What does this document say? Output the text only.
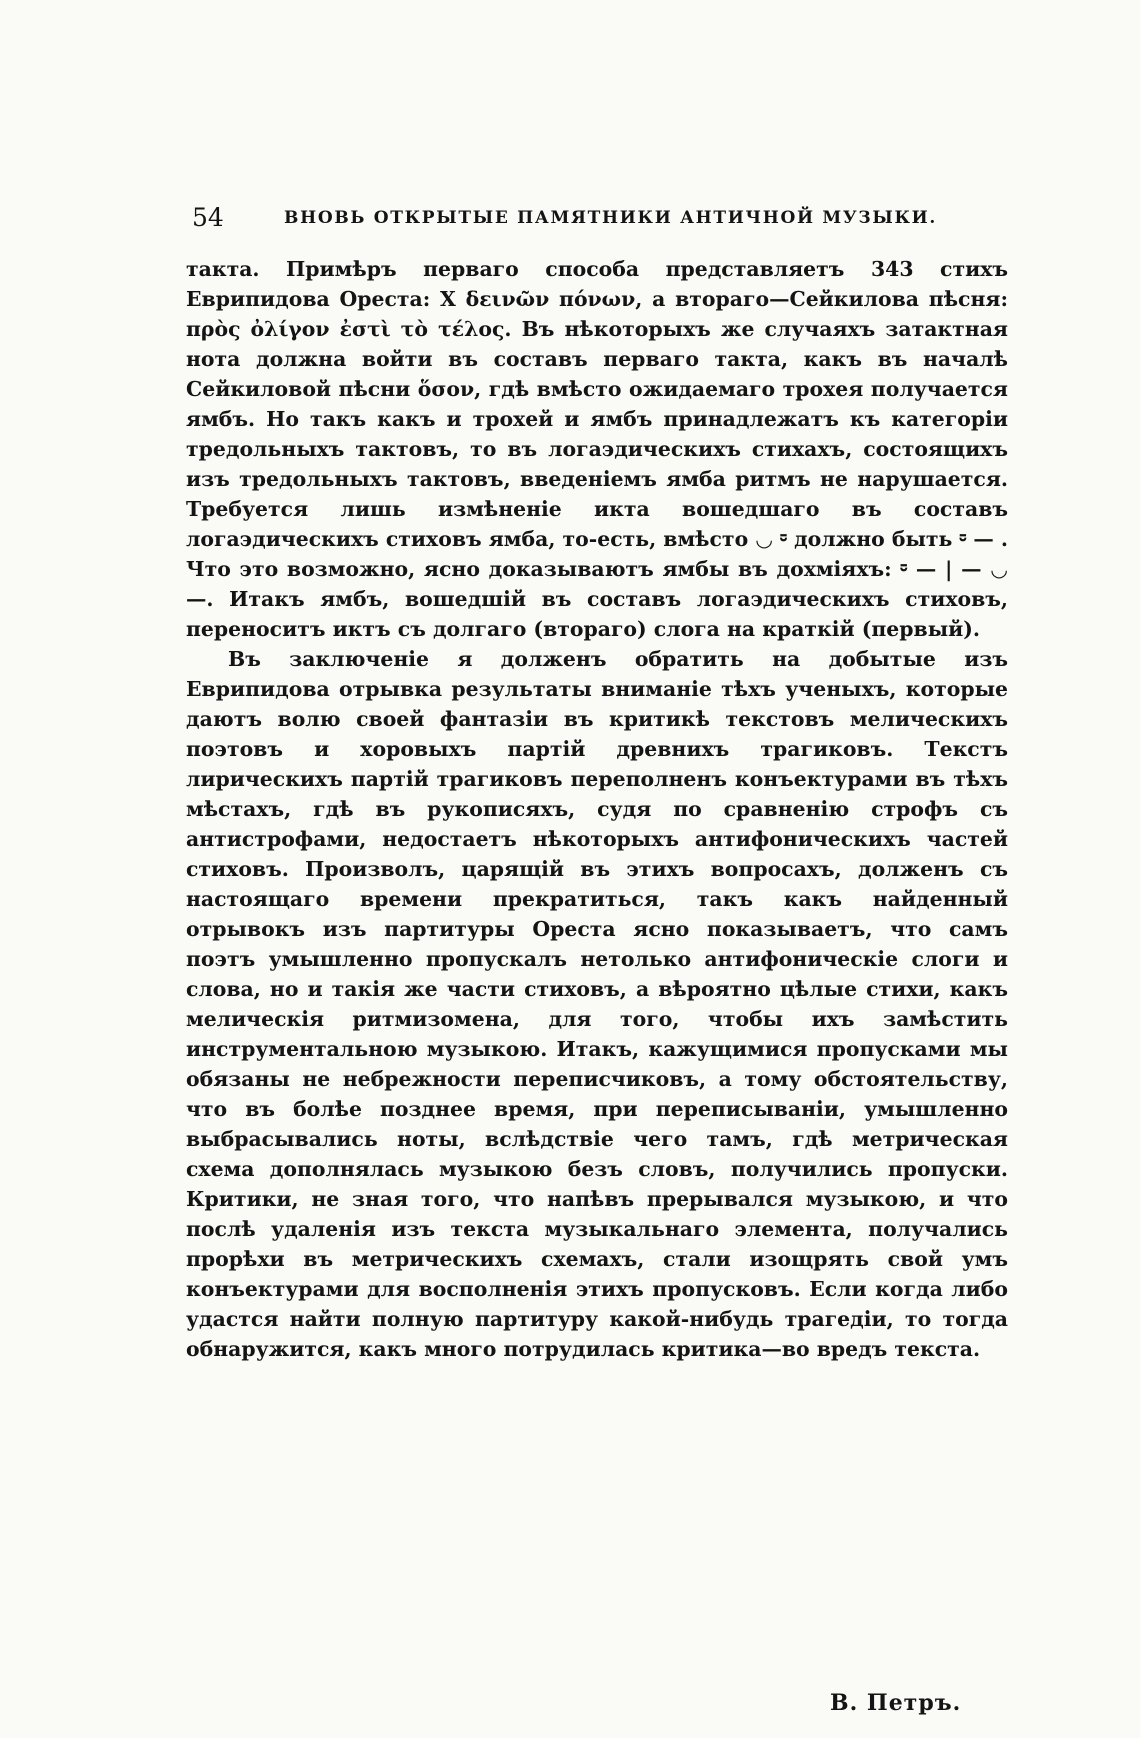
54	ВНОВЬ ОТКРЫТЫЕ ПАМЯТНИКИ АНТИЧНОЙ МУЗЫКИ.

такта. Примѣръ перваго способа представляетъ 343 стихъ Еврипидова Ореста: Χ δεινῶν πόνων, а втораго—Сейкилова пѣсня: πρὸς ὀλίγον ἐστὶ τὸ τέλος. Въ нѣкоторыхъ же случаяхъ затактная нота должна войти въ составъ перваго такта, какъ въ началѣ Сейкиловой пѣсни ὅσον, гдѣ вмѣсто ожидаемаго трохея получается ямбъ. Но такъ какъ и трохей и ямбъ принадлежатъ къ категоріи тредольныхъ тактовъ, то въ логаэдическихъ стихахъ, состоящихъ изъ тредольныхъ тактовъ, введеніемъ ямба ритмъ не нарушается. Требуется лишь измѣненіе икта вошедшаго въ составъ логаэдическихъ стиховъ ямба, то-есть, вмѣсто ◡ ⏒ должно быть ⏒ — . Что это возможно, ясно доказываютъ ямбы въ дохміяхъ: ⏒ — | — ◡ —. Итакъ ямбъ, вошедшій въ составъ логаэдическихъ стиховъ, переноситъ иктъ съ долгаго (втораго) слога на краткій (первый).

Въ заключеніе я долженъ обратить на добытые изъ Еврипидова отрывка результаты вниманіе тѣхъ ученыхъ, которые даютъ волю своей фантазіи въ критикѣ текстовъ мелическихъ поэтовъ и хоровыхъ партій древнихъ трагиковъ. Текстъ лирическихъ партій трагиковъ переполненъ конъектурами въ тѣхъ мѣстахъ, гдѣ въ рукописяхъ, судя по сравненію строфъ съ антистрофами, недостаетъ нѣкоторыхъ антифоническихъ частей стиховъ. Произволъ, царящій въ этихъ вопросахъ, долженъ съ настоящаго времени прекратиться, такъ какъ найденный отрывокъ изъ партитуры Ореста ясно показываетъ, что самъ поэтъ умышленно пропускалъ нетолько антифоническіе слоги и слова, но и такія же части стиховъ, а вѣроятно цѣлые стихи, какъ мелическія ритмизомена, для того, чтобы ихъ замѣстить инструментальною музыкою. Итакъ, кажущимися пропусками мы обязаны не небрежности переписчиковъ, а тому обстоятельству, что въ болѣе позднее время, при переписываніи, умышленно выбрасывались ноты, вслѣдствіе чего тамъ, гдѣ метрическая схема дополнялась музыкою безъ словъ, получились пропуски. Критики, не зная того, что напѣвъ прерывался музыкою, и что послѣ удаленія изъ текста музыкальнаго элемента, получались прорѣхи въ метрическихъ схемахъ, стали изощрять свой умъ конъектурами для восполненія этихъ пропусковъ. Если когда либо удастся найти полную партитуру какой-нибудь трагедіи, то тогда обнаружится, какъ много потрудилась критика—во вредъ текста.

В. Петръ.
